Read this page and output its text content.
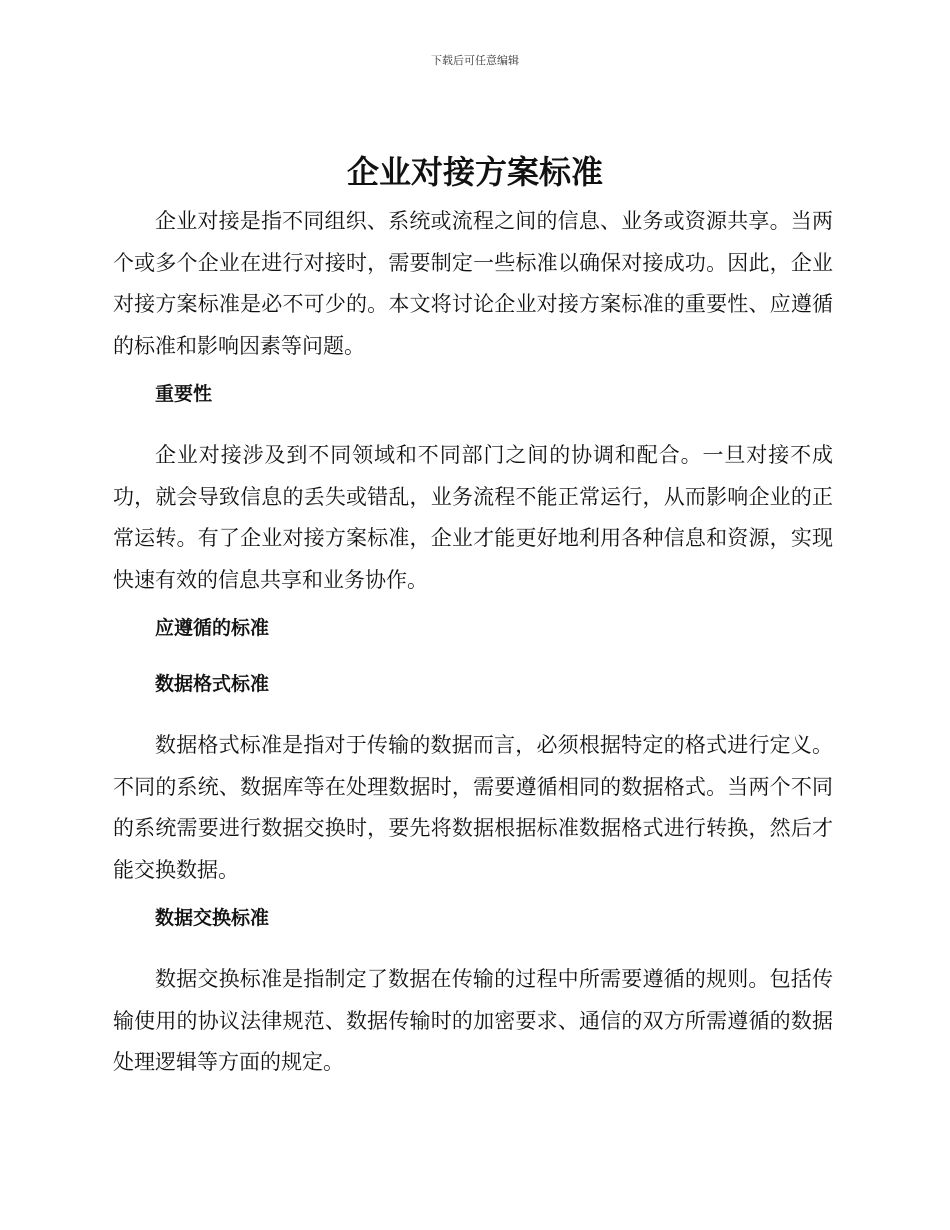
下载后可任意编辑
企业对接方案标准

企业对接是指不同组织、系统或流程之间的信息、业务或资源共享。当两个或多个企业在进行对接时，需要制定一些标准以确保对接成功。因此，企业对接方案标准是必不可少的。本文将讨论企业对接方案标准的重要性、应遵循的标准和影响因素等问题。

重要性

企业对接涉及到不同领域和不同部门之间的协调和配合。一旦对接不成功，就会导致信息的丢失或错乱，业务流程不能正常运行，从而影响企业的正常运转。有了企业对接方案标准，企业才能更好地利用各种信息和资源，实现快速有效的信息共享和业务协作。

应遵循的标准
数据格式标准

数据格式标准是指对于传输的数据而言，必须根据特定的格式进行定义。不同的系统、数据库等在处理数据时，需要遵循相同的数据格式。当两个不同的系统需要进行数据交换时，要先将数据根据标准数据格式进行转换，然后才能交换数据。

数据交换标准

数据交换标准是指制定了数据在传输的过程中所需要遵循的规则。包括传输使用的协议法律规范、数据传输时的加密要求、通信的双方所需遵循的数据处理逻辑等方面的规定。
